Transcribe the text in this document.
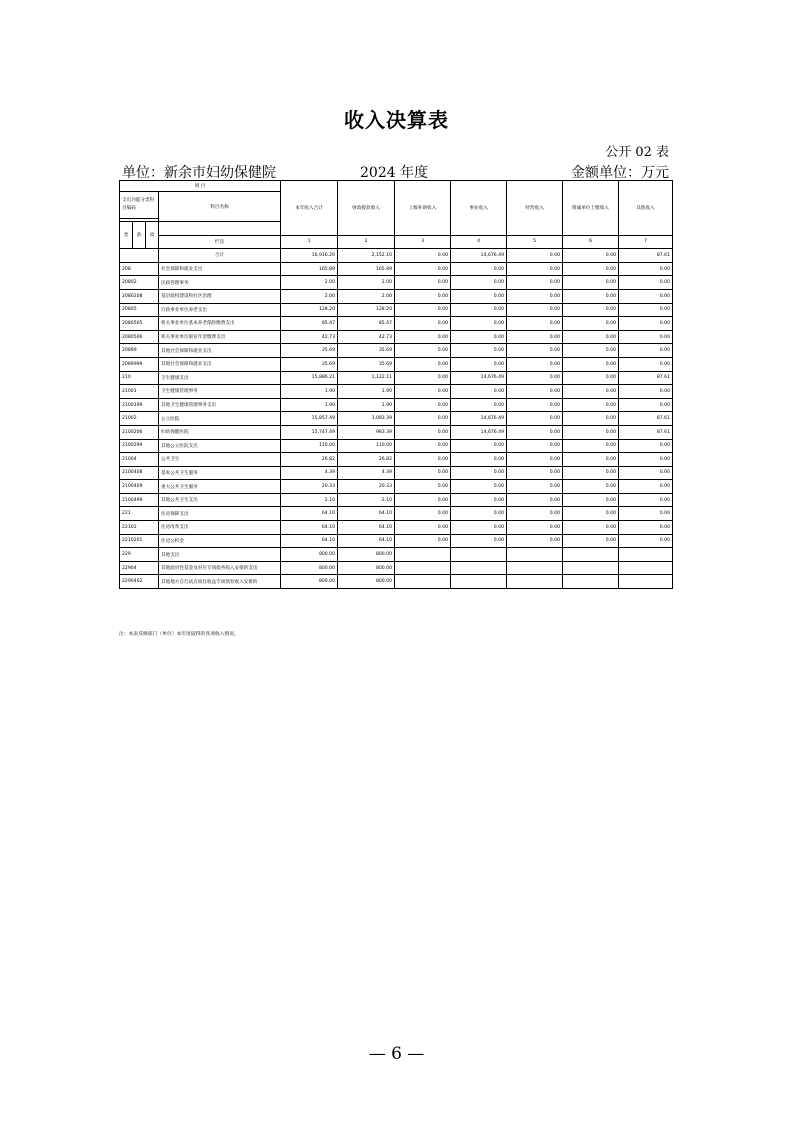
收入决算表
公开 02 表
单位：新余市妇幼保健院	2024 年度	金额单位：万元
项 目				本年收入合计	财政拨款收入	上级补助收入	事业收入	经营收入	附属单位上缴收入	其他收入
支出功能分类科目编码			科目名称							

类	款	项								
			栏次	1	2	3	4	5	6	7
			合计	16,916.20	2,152.10	0.00	14,676.49	0.00	0.00	87.61
208			社会保障和就业支出	165.89	165.89	0.00	0.00	0.00	0.00	0.00
20802			民政管理事务	2.00	2.00	0.00	0.00	0.00	0.00	0.00
2080208			基层政权建设和社区治理	2.00	2.00	0.00	0.00	0.00	0.00	0.00
20805			行政事业单位养老支出	128.20	128.20	0.00	0.00	0.00	0.00	0.00
2080505			机关事业单位基本养老保险缴费支出	85.47	85.47	0.00	0.00	0.00	0.00	0.00
2080506			机关事业单位职业年金缴费支出	42.73	42.73	0.00	0.00	0.00	0.00	0.00
20899			其他社会保障和就业支出	35.69	35.69	0.00	0.00	0.00	0.00	0.00
2089999			其他社会保障和就业支出	35.69	35.69	0.00	0.00	0.00	0.00	0.00
210			卫生健康支出	15,886.21	1,122.11	0.00	14,676.49	0.00	0.00	87.61
21001			卫生健康管理事务	1.90	1.90	0.00	0.00	0.00	0.00	0.00
2100199			其他卫生健康管理事务支出	1.90	1.90	0.00	0.00	0.00	0.00	0.00
21002			公立医院	15,857.49	1,093.39	0.00	14,676.49	0.00	0.00	87.61
2100206			妇幼保健医院	15,747.49	983.39	0.00	14,676.49	0.00	0.00	87.61
2100299			其他公立医院支出	110.00	110.00	0.00	0.00	0.00	0.00	0.00
21004			公共卫生	26.82	26.82	0.00	0.00	0.00	0.00	0.00
2100408			基本公共卫生服务	4.39	4.39	0.00	0.00	0.00	0.00	0.00
2100409			重大公共卫生服务	20.33	20.33	0.00	0.00	0.00	0.00	0.00
2100499			其他公共卫生支出	2.10	2.10	0.00	0.00	0.00	0.00	0.00
221			住房保障支出	64.10	64.10	0.00	0.00	0.00	0.00	0.00
22102			住房改革支出	64.10	64.10	0.00	0.00	0.00	0.00	0.00
2210201			住房公积金	64.10	64.10	0.00	0.00	0.00	0.00	0.00
229			其他支出	800.00	800.00					
22904			其他政府性基金及对应专项债务收入安排的支出	800.00	800.00					
2290402			其他地方自行试点项目收益专项债券收入安排的	800.00	800.00					
注：本表反映部门（单位）本年度取得的各项收入情况。
— 6 —
